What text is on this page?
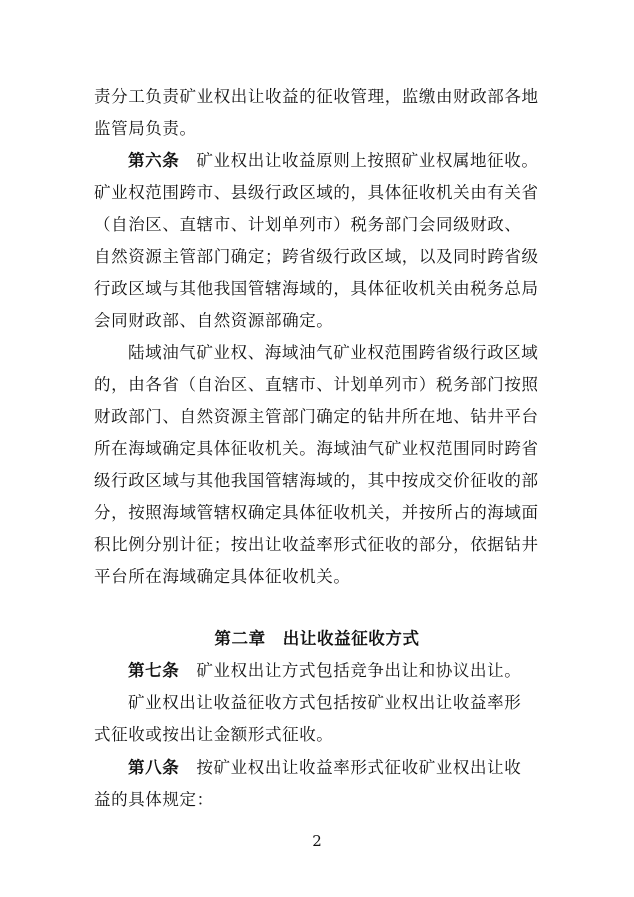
责分工负责矿业权出让收益的征收管理，监缴由财政部各地
监管局负责。
第六条　 矿业权出让收益原则上按照矿业权属地征收。
矿业权范围跨市、县级行政区域的，具体征收机关由有关省
（自治区、直辖市、计划单列市）税务部门会同级财政、
自然资源主管部门确定；跨省级行政区域，以及同时跨省级
行政区域与其他我国管辖海域的，具体征收机关由税务总局
会同财政部、自然资源部确定。
陆域油气矿业权、海域油气矿业权范围跨省级行政区域
的，由各省（自治区、直辖市、计划单列市）税务部门按照
财政部门、自然资源主管部门确定的钻井所在地、钻井平台
所在海域确定具体征收机关。海域油气矿业权范围同时跨省
级行政区域与其他我国管辖海域的，其中按成交价征收的部
分，按照海域管辖权确定具体征收机关，并按所占的海域面
积比例分别计征；按出让收益率形式征收的部分，依据钻井
平台所在海域确定具体征收机关。
第二章　出让收益征收方式
第七条　 矿业权出让方式包括竞争出让和协议出让。
矿业权出让收益征收方式包括按矿业权出让收益率形
式征收或按出让金额形式征收。
第八条　 按矿业权出让收益率形式征收矿业权出让收
益的具体规定：
2
